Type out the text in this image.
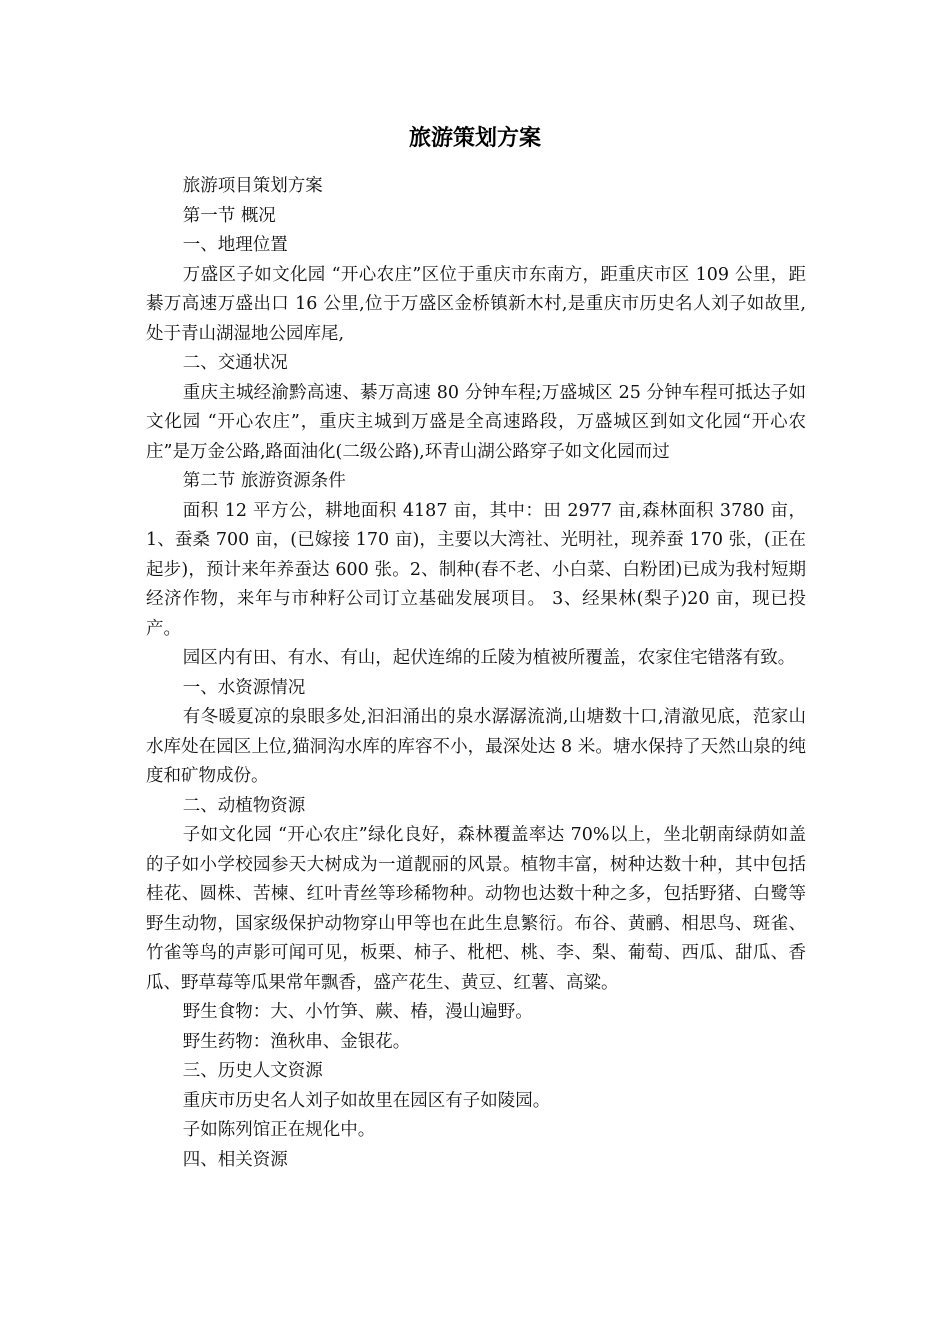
旅游策划方案

旅游项目策划方案

第一节 概况

一、地理位置

万盛区子如文化园 “开心农庄”区位于重庆市东南方，距重庆市区 109 公里，距綦万高速万盛出口 16 公里,位于万盛区金桥镇新木村,是重庆市历史名人刘子如故里,处于青山湖湿地公园库尾,

二、交通状况

重庆主城经渝黔高速、綦万高速 80 分钟车程;万盛城区 25 分钟车程可抵达子如文化园 “开心农庄”，重庆主城到万盛是全高速路段，万盛城区到如文化园“开心农庄”是万金公路,路面油化(二级公路),环青山湖公路穿子如文化园而过

第二节 旅游资源条件

面积 12 平方公，耕地面积 4187 亩，其中：田 2977 亩,森林面积 3780 亩，1、蚕桑 700 亩，(已嫁接 170 亩)，主要以大湾社、光明社，现养蚕 170 张，(正在起步)，预计来年养蚕达 600 张。2、制种(春不老、小白菜、白粉团)已成为我村短期经济作物，来年与市种籽公司订立基础发展项目。 3、经果林(梨子)20 亩，现已投产。

园区内有田、有水、有山，起伏连绵的丘陵为植被所覆盖，农家住宅错落有致。

一、水资源情况

有冬暖夏凉的泉眼多处,汩汩涌出的泉水潺潺流淌,山塘数十口,清澈见底，范家山水库处在园区上位,猫洞沟水库的库容不小，最深处达 8 米。塘水保持了天然山泉的纯度和矿物成份。

二、动植物资源

子如文化园 “开心农庄”绿化良好，森林覆盖率达 70%以上，坐北朝南绿荫如盖的子如小学校园参天大树成为一道靓丽的风景。植物丰富，树种达数十种，其中包括桂花、圆株、苦楝、红叶青丝等珍稀物种。动物也达数十种之多，包括野猪、白鹭等野生动物，国家级保护动物穿山甲等也在此生息繁衍。布谷、黄鹂、相思鸟、斑雀、竹雀等鸟的声影可闻可见，板栗、柿子、枇杷、桃、李、梨、葡萄、西瓜、甜瓜、香瓜、野草莓等瓜果常年飘香，盛产花生、黄豆、红薯、高粱。

野生食物：大、小竹笋、蕨、椿，漫山遍野。

野生药物：渔秋串、金银花。

三、历史人文资源

重庆市历史名人刘子如故里在园区有子如陵园。

子如陈列馆正在规化中。

四、相关资源
